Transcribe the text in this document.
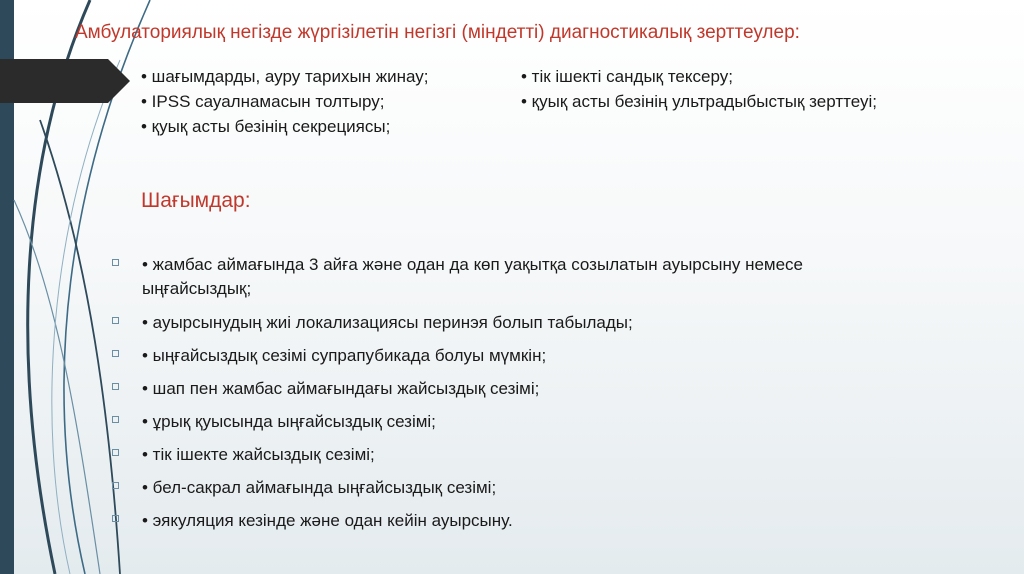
Амбулаториялық негізде жүргізілетін негізгі (міндетті) диагностикалық зерттеулер:
• шағымдарды, ауру тарихын жинау;
• IPSS сауалнамасын толтыру;
• қуық асты безінің секрециясы;
• тік ішекті сандық тексеру;
• қуық асты безінің ультрадыбыстық зерттеуі;
Шағымдар:
• жамбас аймағында 3 айға және одан да көп уақытқа созылатын ауырсыну немесе ыңғайсыздық;
• ауырсынудың жиі локализациясы перинэя болып табылады;
• ыңғайсыздық сезімі супрапубикада болуы мүмкін;
• шап пен жамбас аймағындағы жайсыздық сезімі;
• ұрық қуысында ыңғайсыздық сезімі;
• тік ішекте жайсыздық сезімі;
• бел-сакрал аймағында ыңғайсыздық сезімі;
• эякуляция кезінде және одан кейін ауырсыну.
